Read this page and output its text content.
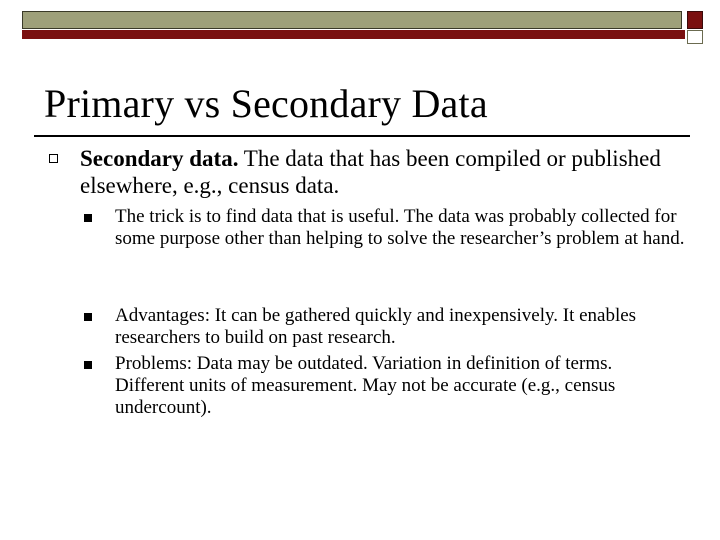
Primary vs Secondary Data
Secondary data. The data that has been compiled or published elsewhere, e.g., census data.
The trick is to find data that is useful. The data was probably collected for some purpose other than helping to solve the researcher’s problem at hand.
Advantages: It can be gathered quickly and inexpensively. It enables researchers to build on past research.
Problems: Data may be outdated. Variation in definition of terms. Different units of measurement. May not be accurate (e.g., census undercount).
